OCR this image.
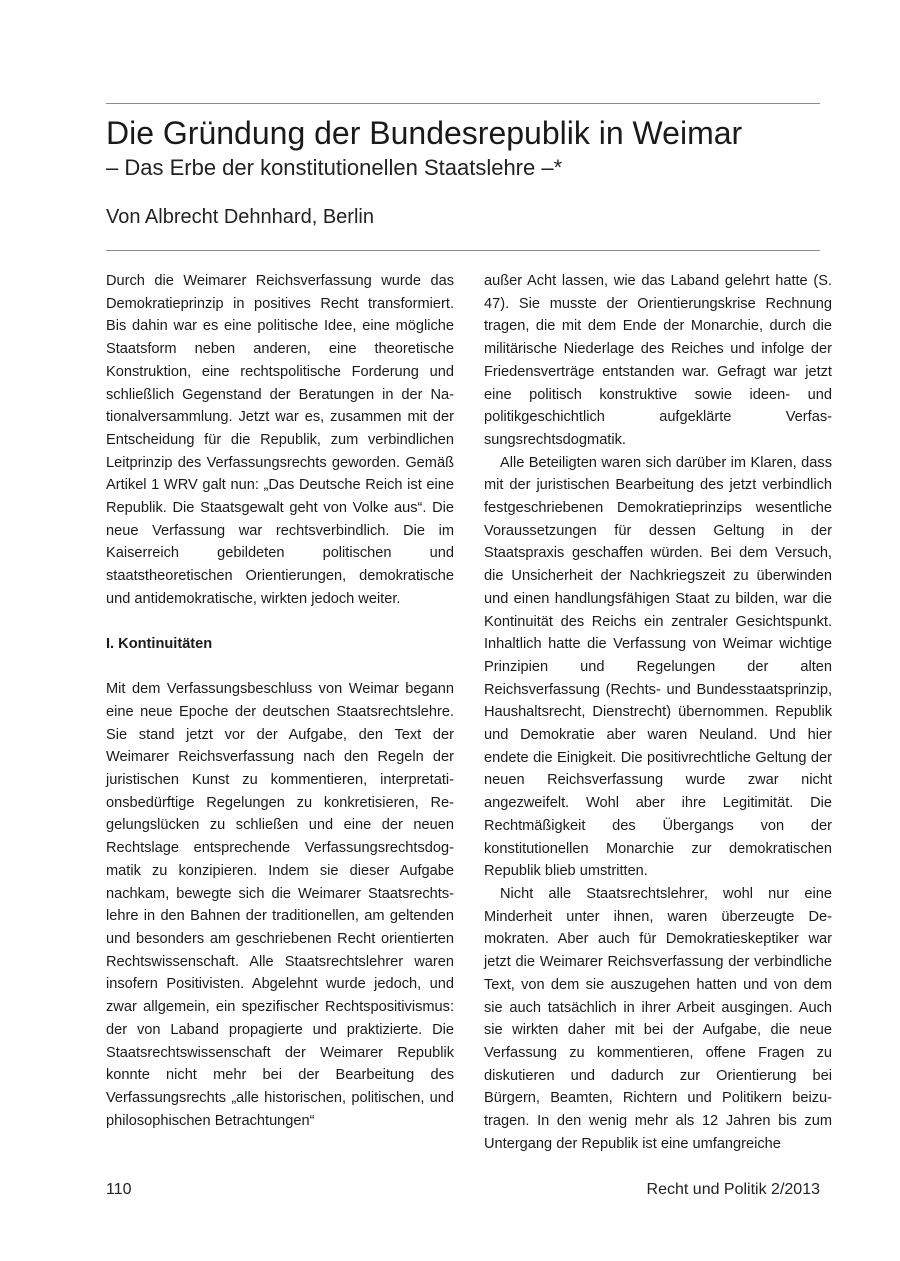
Die Gründung der Bundesrepublik in Weimar
– Das Erbe der konstitutionellen Staatslehre –*
Von Albrecht Dehnhard, Berlin

Durch die Weimarer Reichsverfassung wurde das Demokratieprinzip in positives Recht transformiert. Bis dahin war es eine politische Idee, eine mögliche Staatsform neben anderen, eine theoretische Konstruktion, eine rechtspolitische Forderung und schließlich Gegenstand der Beratungen in der Nationalversammlung. Jetzt war es, zusammen mit der Entscheidung für die Republik, zum verbindlichen Leitprinzip des Verfassungsrechts geworden. Gemäß Artikel 1 WRV galt nun: „Das Deutsche Reich ist eine Republik. Die Staatsgewalt geht von Volke aus“. Die neue Verfassung war rechtsverbindlich. Die im Kaiserreich gebildeten politischen und staatstheoretischen Orientierungen, demokratische und antidemokratische, wirkten jedoch weiter.

I. Kontinuitäten

Mit dem Verfassungsbeschluss von Weimar begann eine neue Epoche der deutschen Staatsrechtslehre. Sie stand jetzt vor der Aufgabe, den Text der Weimarer Reichsverfassung nach den Regeln der juristischen Kunst zu kommentieren, interpretationsbedürftige Regelungen zu konkretisieren, Regelungslücken zu schließen und eine der neuen Rechtslage entsprechende Verfassungsrechtsdogmatik zu konzipieren. Indem sie dieser Aufgabe nachkam, bewegte sich die Weimarer Staatsrechtslehre in den Bahnen der traditionellen, am geltenden und besonders am geschriebenen Recht orientierten Rechtswissenschaft. Alle Staatsrechtslehrer waren insofern Positivisten. Abgelehnt wurde jedoch, und zwar allgemein, ein spezifischer Rechtspositivismus: der von Laband propagierte und praktizierte. Die Staatsrechtswissenschaft der Weimarer Republik konnte nicht mehr bei der Bearbeitung des Verfassungsrechts „alle historischen, politischen, und philosophischen Betrachtungen“

außer Acht lassen, wie das Laband gelehrt hatte (S. 47). Sie musste der Orientierungskrise Rechnung tragen, die mit dem Ende der Monarchie, durch die militärische Niederlage des Reiches und infolge der Friedensverträge entstanden war. Gefragt war jetzt eine politisch konstruktive sowie ideen- und politikgeschichtlich aufgeklärte Verfassungsrechtsdogmatik.

Alle Beteiligten waren sich darüber im Klaren, dass mit der juristischen Bearbeitung des jetzt verbindlich festgeschriebenen Demokratieprinzips wesentliche Voraussetzungen für dessen Geltung in der Staatspraxis geschaffen würden. Bei dem Versuch, die Unsicherheit der Nachkriegszeit zu überwinden und einen handlungsfähigen Staat zu bilden, war die Kontinuität des Reichs ein zentraler Gesichtspunkt. Inhaltlich hatte die Verfassung von Weimar wichtige Prinzipien und Regelungen der alten Reichsverfassung (Rechts- und Bundesstaatsprinzip, Haushaltsrecht, Dienstrecht) übernommen. Republik und Demokratie aber waren Neuland. Und hier endete die Einigkeit. Die positivrechtliche Geltung der neuen Reichsverfassung wurde zwar nicht angezweifelt. Wohl aber ihre Legitimität. Die Rechtmäßigkeit des Übergangs von der konstitutionellen Monarchie zur demokratischen Republik blieb umstritten.

Nicht alle Staatsrechtslehrer, wohl nur eine Minderheit unter ihnen, waren überzeugte Demokraten. Aber auch für Demokratieskeptiker war jetzt die Weimarer Reichsverfassung der verbindliche Text, von dem sie auszugehen hatten und von dem sie auch tatsächlich in ihrer Arbeit ausgingen. Auch sie wirkten daher mit bei der Aufgabe, die neue Verfassung zu kommentieren, offene Fragen zu diskutieren und dadurch zur Orientierung bei Bürgern, Beamten, Richtern und Politikern beizutragen. In den wenig mehr als 12 Jahren bis zum Untergang der Republik ist eine umfangreiche

110	Recht und Politik 2/2013
